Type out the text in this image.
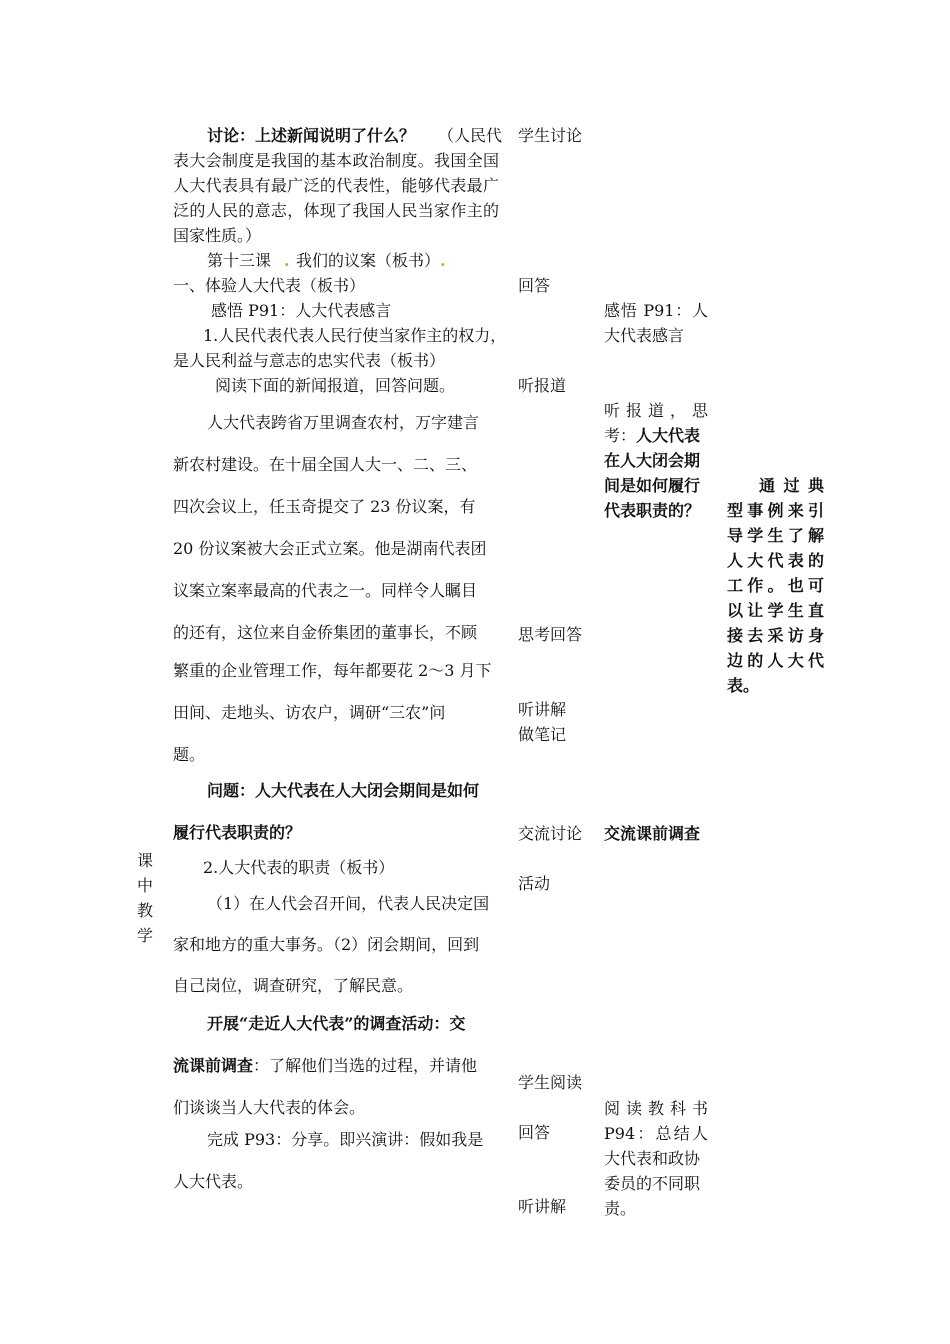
课
中
教
学
讨论：上述新闻说明了什么？ （人民代
表大会制度是我国的基本政治制度。我国全国
人大代表具有最广泛的代表性，能够代表最广
泛的人民的意志，体现了我国人民当家作主的
国家性质。）
第十三课 . 我们的议案（板书） .
一、体验人大代表（板书）
感悟 P91：人大代表感言
1.人民代表代表人民行使当家作主的权力，
是人民利益与意志的忠实代表（板书）
阅读下面的新闻报道，回答问题。
人大代表跨省万里调查农村，万字建言
新农村建设。在十届全国人大一、二、三、
四次会议上，任玉奇提交了 23 份议案，有
20 份议案被大会正式立案。他是湖南代表团
议案立案率最高的代表之一。同样令人瞩目
的还有，这位来自金侨集团的董事长，不顾
繁重的企业管理工作，每年都要花 2～3 月下
田间、走地头、访农户，调研“三农”问
题。
问题：人大代表在人大闭会期间是如何
履行代表职责的？
2.人大代表的职责（板书）
（1）在人代会召开间，代表人民决定国
家和地方的重大事务。（2）闭会期间，回到
自己岗位，调查研究，了解民意。
开展“走近人大代表”的调查活动：交
流课前调查：了解他们当选的过程，并请他
们谈谈当人大代表的体会。
完成 P93：分享。即兴演讲：假如我是
人大代表。
学生讨论
回答
听报道
思考回答
听讲解
做笔记
交流讨论
活动
学生阅读
回答
听讲解
感悟 P91：人
大代表感言
听报道，思
考：人大代表
在人大闭会期
间是如何履行
代表职责的？
交流课前调查
阅读教科书
P94：总结人
大代表和政协
委员的不同职
责。
通过典
型事例来引
导学生了解
人大代表的
工作。也可
以让学生直
接去采访身
边的人大代
表。
